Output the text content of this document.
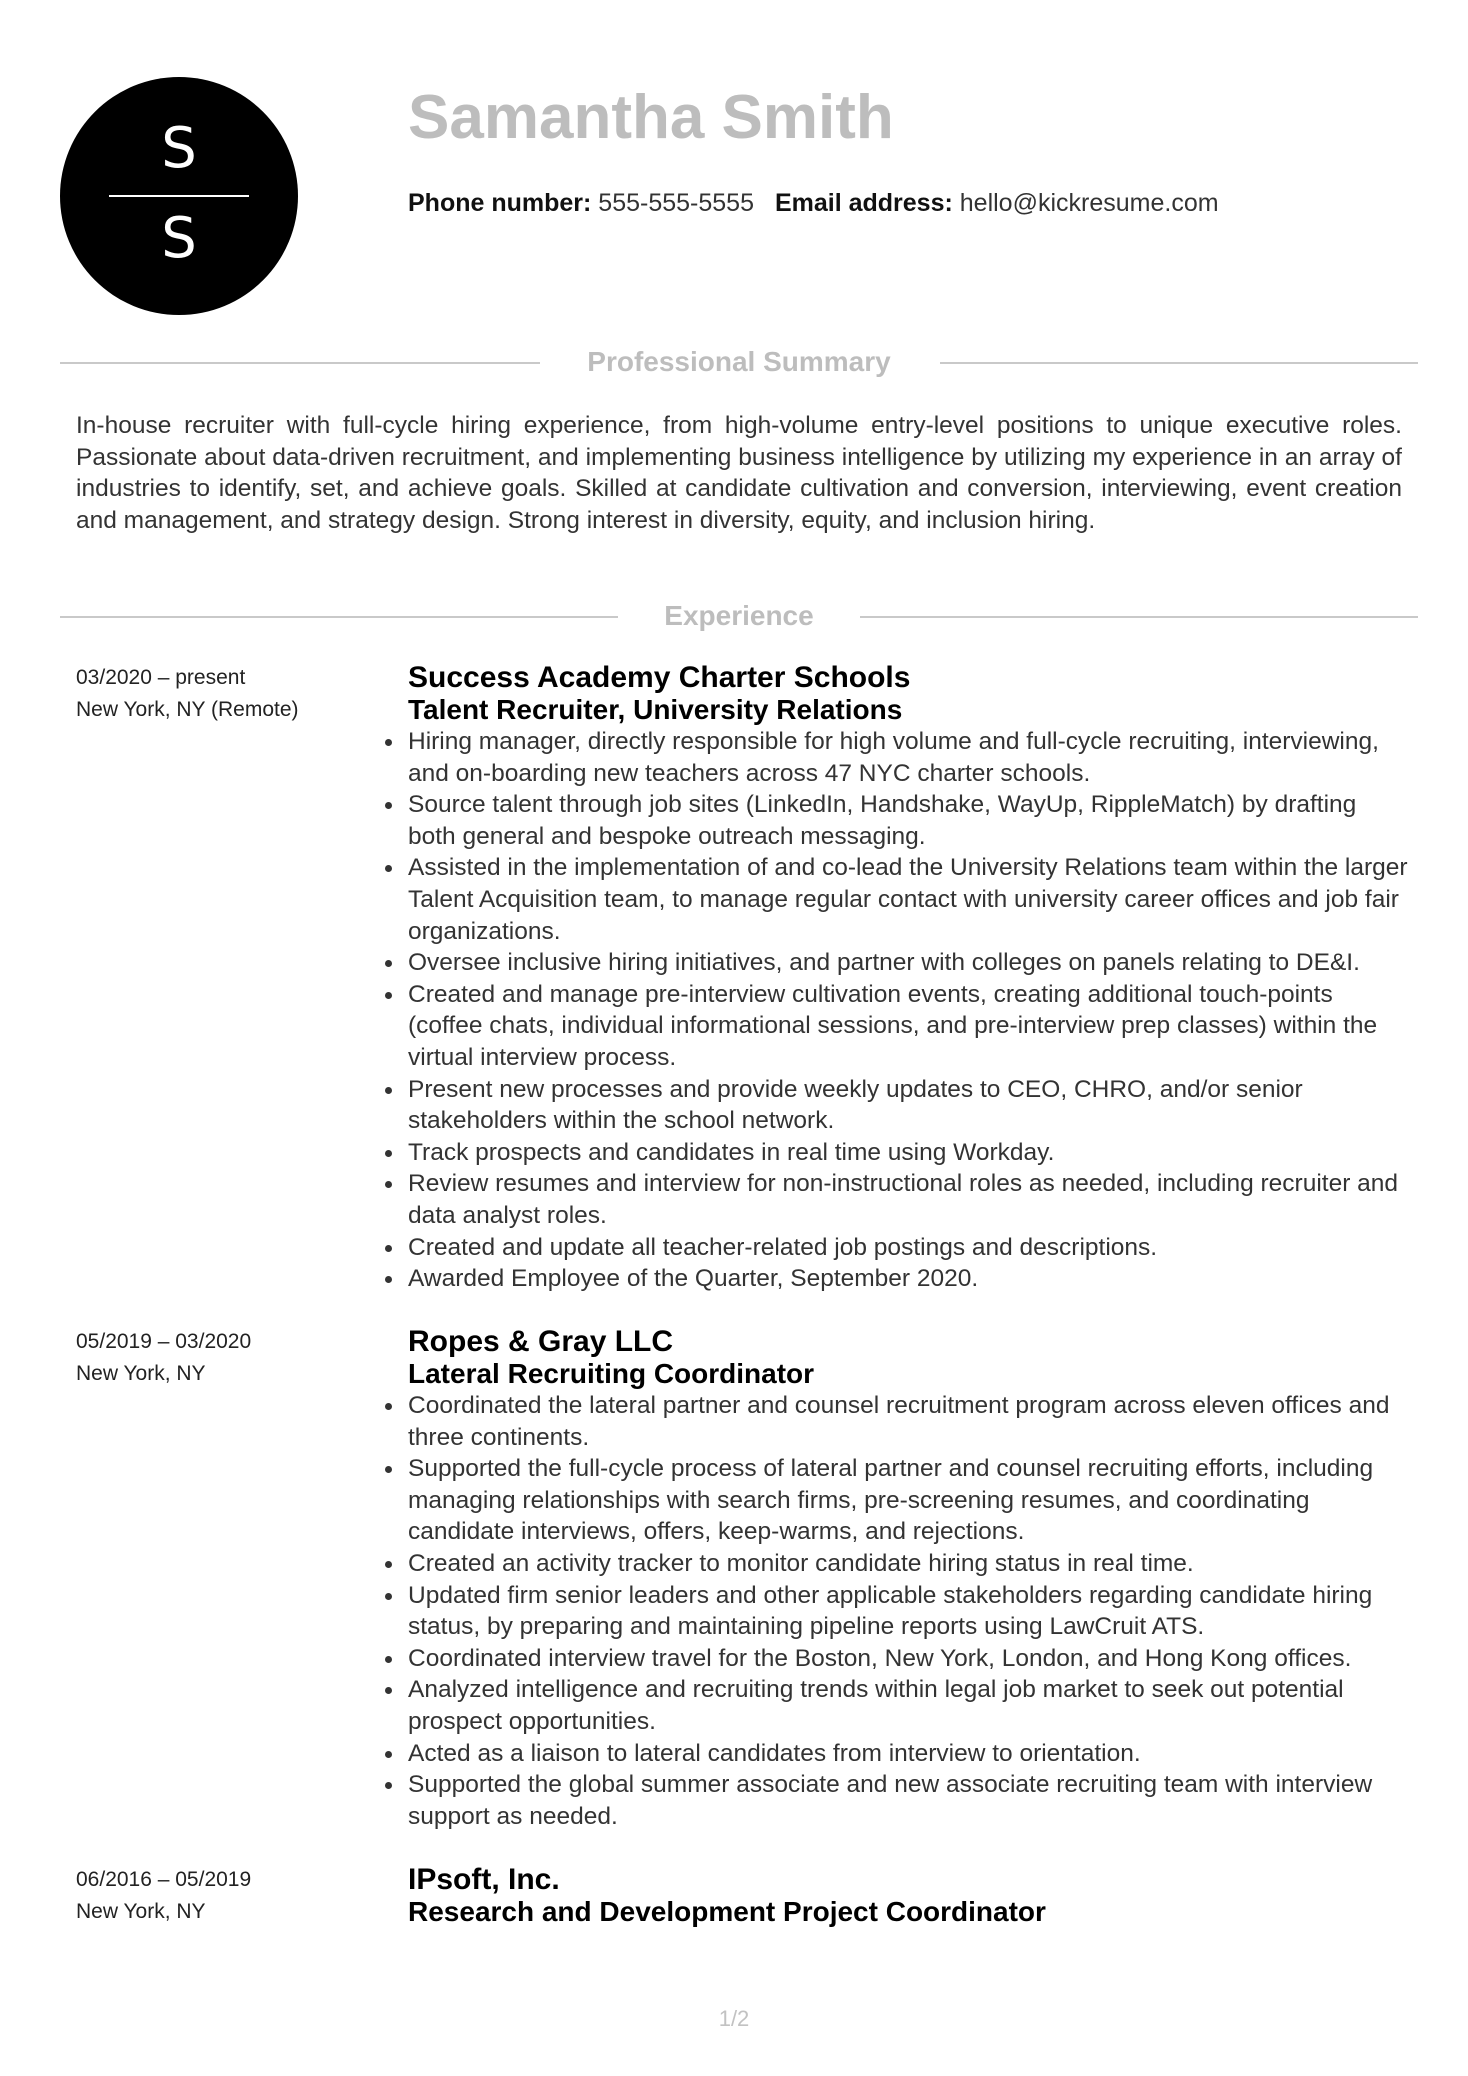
S
S
Samantha Smith
Phone number: 555-555-5555 Email address: hello@kickresume.com
Professional Summary
In-house recruiter with full-cycle hiring experience, from high-volume entry-level positions to unique executive roles. Passionate about data-driven recruitment, and implementing business intelligence by utilizing my experience in an array of industries to identify, set, and achieve goals. Skilled at candidate cultivation and conversion, interviewing, event creation and management, and strategy design. Strong interest in diversity, equity, and inclusion hiring.
Experience
03/2020 – present
New York, NY (Remote)
Success Academy Charter Schools
Talent Recruiter, University Relations
Hiring manager, directly responsible for high volume and full-cycle recruiting, interviewing, and on-boarding new teachers across 47 NYC charter schools.
Source talent through job sites (LinkedIn, Handshake, WayUp, RippleMatch) by drafting both general and bespoke outreach messaging.
Assisted in the implementation of and co-lead the University Relations team within the larger Talent Acquisition team, to manage regular contact with university career offices and job fair organizations.
Oversee inclusive hiring initiatives, and partner with colleges on panels relating to DE&I.
Created and manage pre-interview cultivation events, creating additional touch-points (coffee chats, individual informational sessions, and pre-interview prep classes) within the virtual interview process.
Present new processes and provide weekly updates to CEO, CHRO, and/or senior stakeholders within the school network.
Track prospects and candidates in real time using Workday.
Review resumes and interview for non-instructional roles as needed, including recruiter and data analyst roles.
Created and update all teacher-related job postings and descriptions.
Awarded Employee of the Quarter, September 2020.
05/2019 – 03/2020
New York, NY
Ropes & Gray LLC
Lateral Recruiting Coordinator
Coordinated the lateral partner and counsel recruitment program across eleven offices and three continents.
Supported the full-cycle process of lateral partner and counsel recruiting efforts, including managing relationships with search firms, pre-screening resumes, and coordinating candidate interviews, offers, keep-warms, and rejections.
Created an activity tracker to monitor candidate hiring status in real time.
Updated firm senior leaders and other applicable stakeholders regarding candidate hiring status, by preparing and maintaining pipeline reports using LawCruit ATS.
Coordinated interview travel for the Boston, New York, London, and Hong Kong offices.
Analyzed intelligence and recruiting trends within legal job market to seek out potential prospect opportunities.
Acted as a liaison to lateral candidates from interview to orientation.
Supported the global summer associate and new associate recruiting team with interview support as needed.
06/2016 – 05/2019
New York, NY
IPsoft, Inc.
Research and Development Project Coordinator
1/2
